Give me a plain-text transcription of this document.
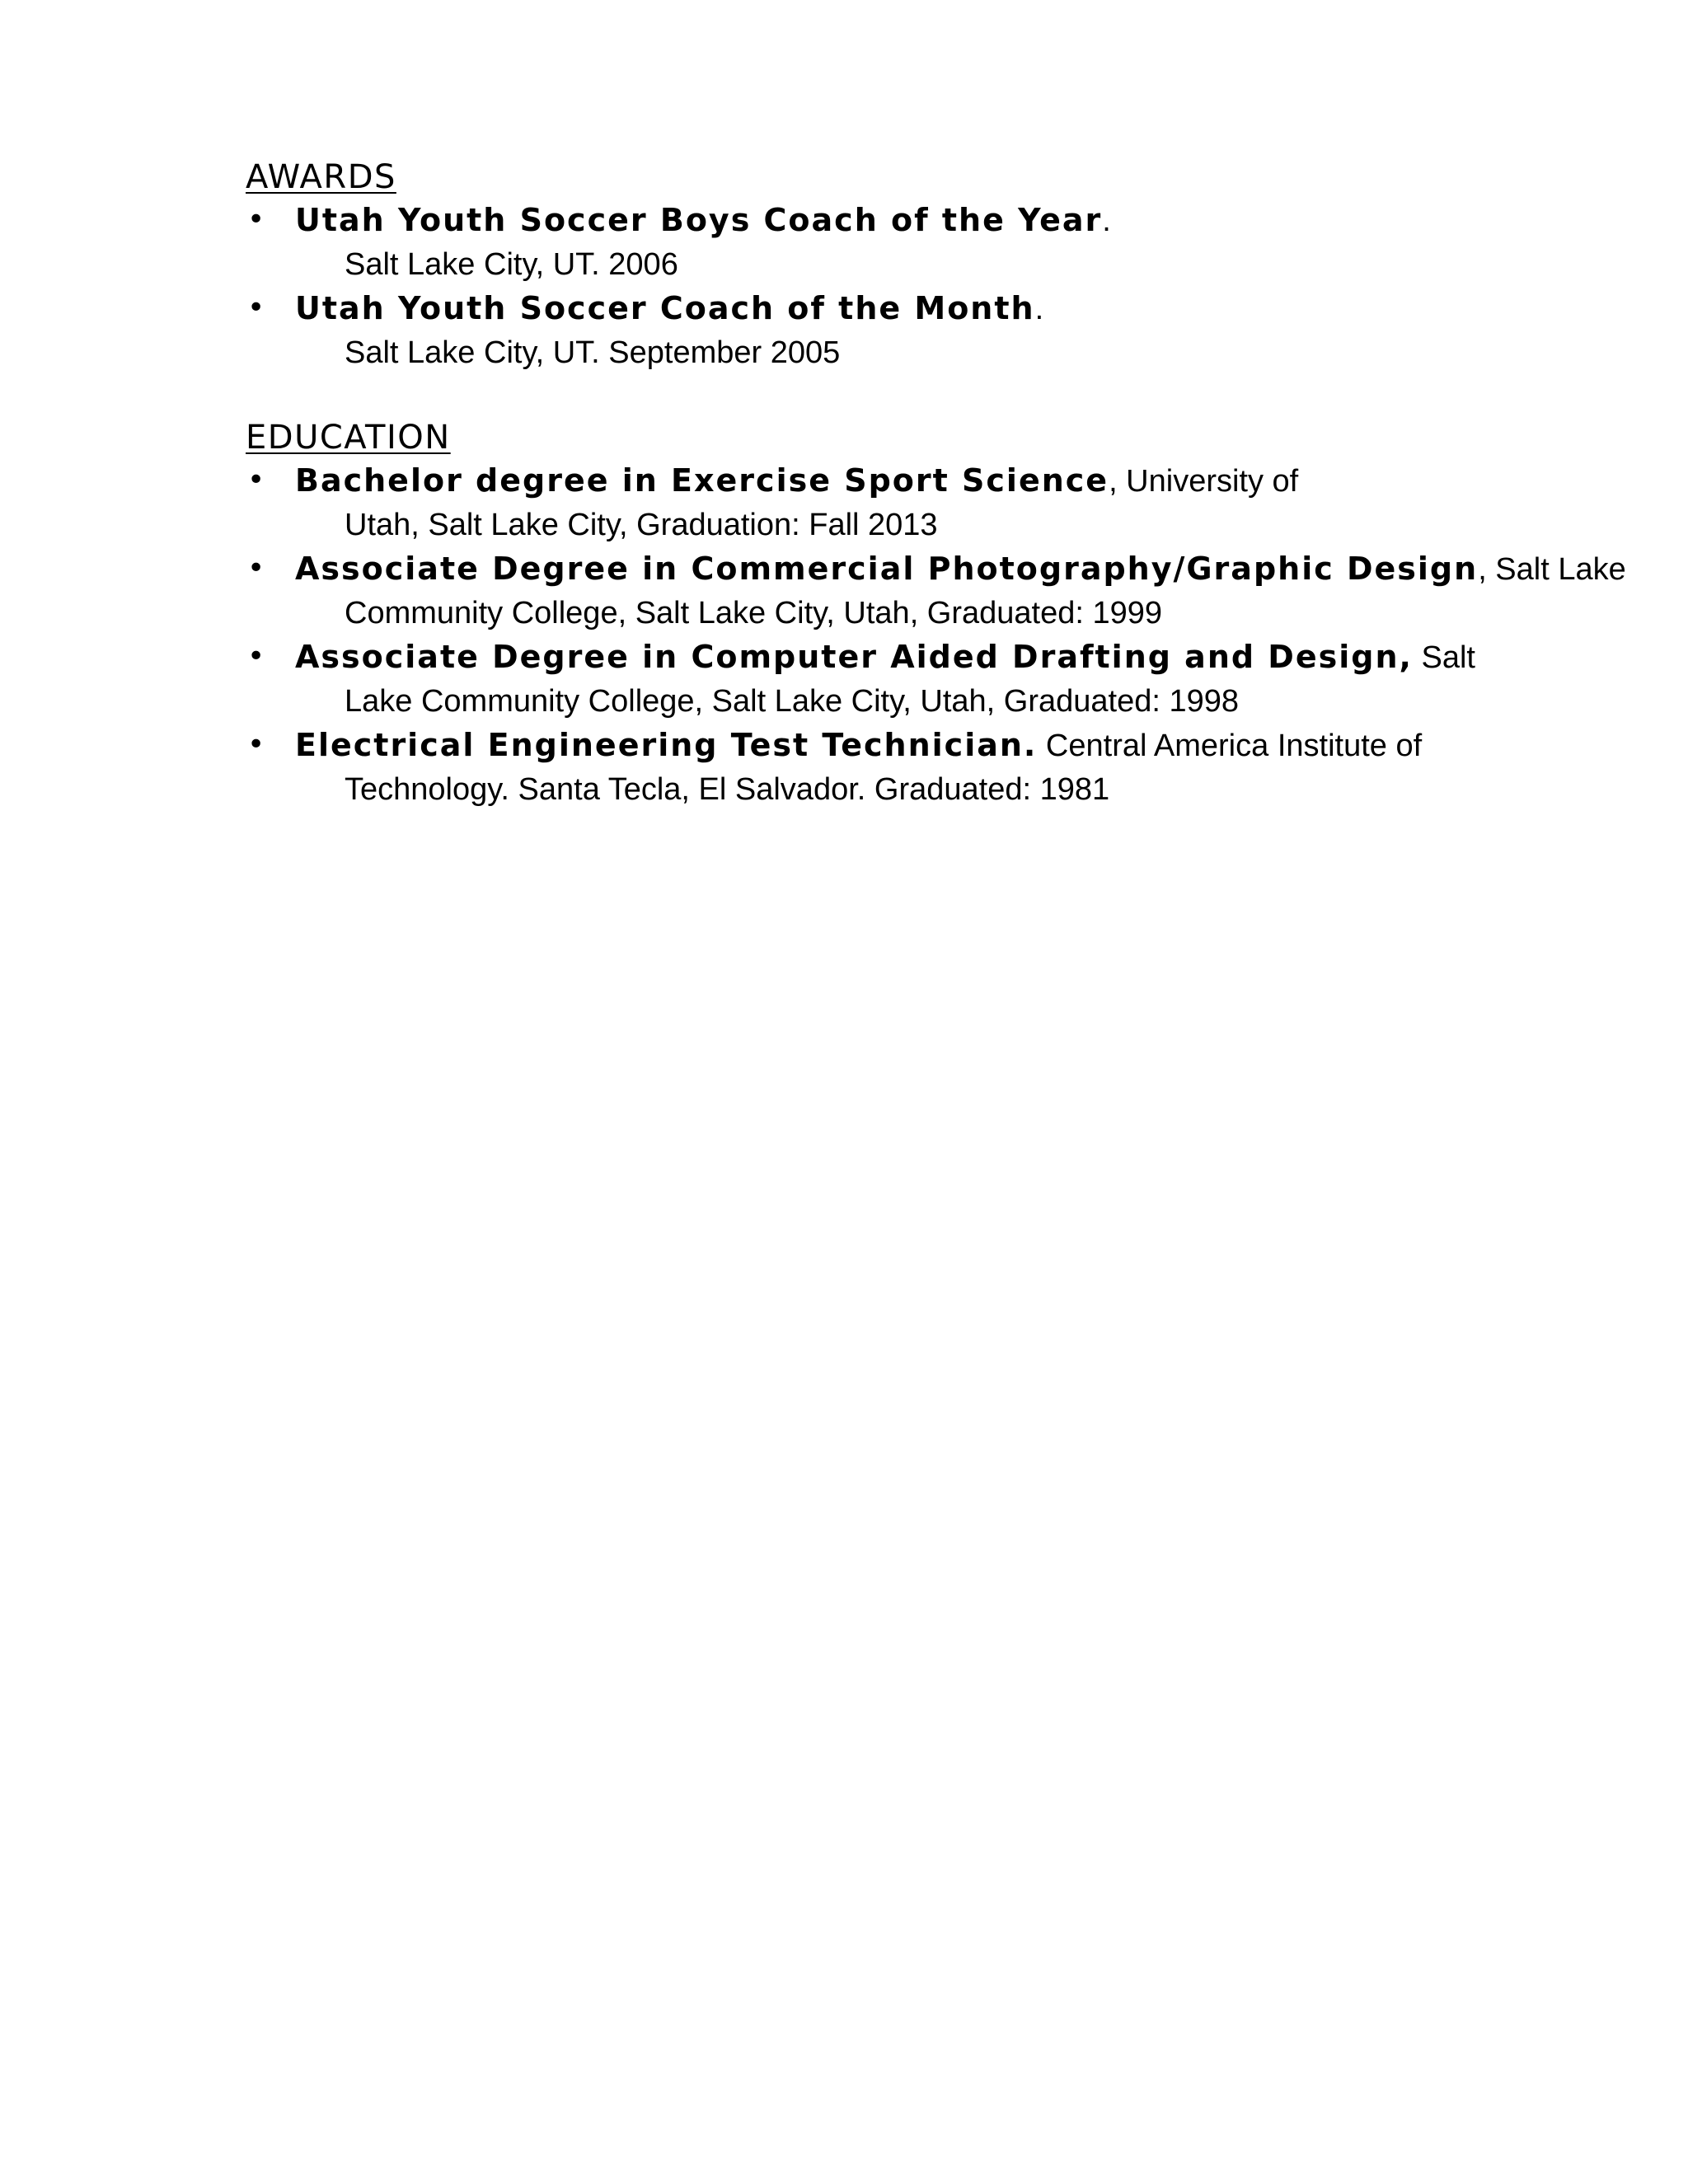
AWARDS
• Utah Youth Soccer Boys Coach of the Year.
Salt Lake City, UT. 2006
• Utah Youth Soccer Coach of the Month.
Salt Lake City, UT. September 2005
EDUCATION
• Bachelor degree in Exercise Sport Science, University of
Utah, Salt Lake City, Graduation: Fall 2013
• Associate Degree in Commercial Photography/Graphic Design, Salt Lake
Community College, Salt Lake City, Utah, Graduated: 1999
• Associate Degree in Computer Aided Drafting and Design, Salt
Lake Community College, Salt Lake City, Utah, Graduated: 1998
• Electrical Engineering Test Technician. Central America Institute of
Technology. Santa Tecla, El Salvador. Graduated: 1981
